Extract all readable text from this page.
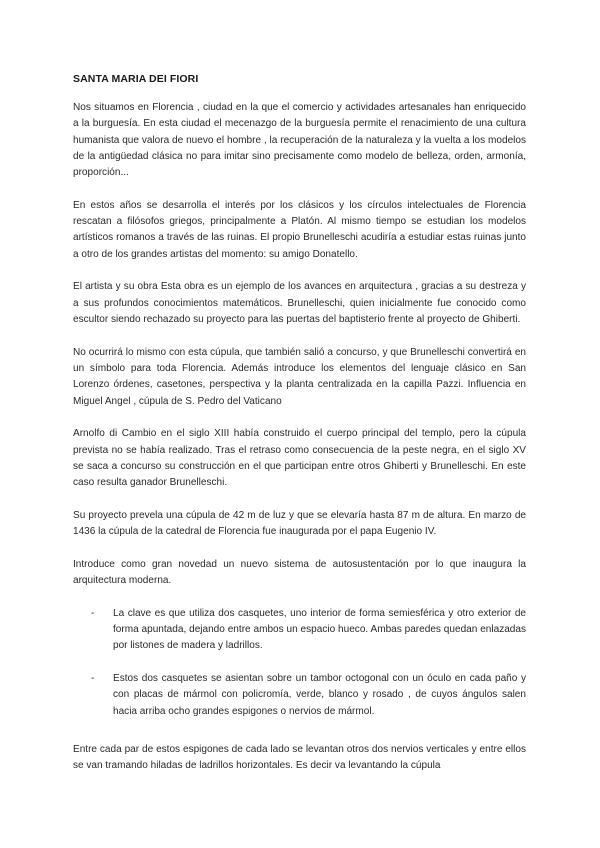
SANTA MARIA DEI FIORI

Nos situamos en Florencia , ciudad en la que el comercio y actividades artesanales han enriquecido a la burguesía. En esta ciudad el mecenazgo de la burguesía permite el renacimiento de una cultura humanista que valora de nuevo el hombre , la recuperación de la naturaleza y la vuelta a los modelos de la antigüedad clásica no para imitar sino precisamente como modelo de belleza, orden, armonía, proporción...

En estos años se desarrolla el interés por los clásicos y los círculos intelectuales de Florencia rescatan a filósofos griegos, principalmente a Platón. Al mismo tiempo se estudian los modelos artísticos romanos a través de las ruinas. El propio Brunelleschi acudiría a estudiar estas ruinas junto a otro de los grandes artistas del momento: su amigo Donatello.

El artista y su obra Esta obra es un ejemplo de los avances en arquitectura , gracias a su destreza y a sus profundos conocimientos matemáticos. Brunelleschi, quien inicialmente fue conocido como escultor siendo rechazado su proyecto para las puertas del baptisterio frente al proyecto de Ghiberti.

No ocurrirá lo mismo con esta cúpula, que también salió a concurso, y que Brunelleschi convertirá en un símbolo para toda Florencia. Además introduce los elementos del lenguaje clásico en San Lorenzo órdenes, casetones, perspectiva y la planta centralizada en la capilla Pazzi. Influencia en Miguel Angel , cúpula de S. Pedro del Vaticano

Arnolfo di Cambio en el siglo XIII había construido el cuerpo principal del templo, pero la cúpula prevista no se había realizado. Tras el retraso como consecuencia de la peste negra, en el siglo XV se saca a concurso su construcción en el que participan entre otros Ghiberti y Brunelleschi. En este caso resulta ganador Brunelleschi.

Su proyecto prevela una cúpula de 42 m de luz y que se elevaría hasta 87 m de altura. En marzo de 1436 la cúpula de la catedral de Florencia fue inaugurada por el papa Eugenio IV.

Introduce como gran novedad un nuevo sistema de autosustentación por lo que inaugura la arquitectura moderna.

- La clave es que utiliza dos casquetes, uno interior de forma semiesférica y otro exterior de forma apuntada, dejando entre ambos un espacio hueco. Ambas paredes quedan enlazadas por listones de madera y ladrillos.
- Estos dos casquetes se asientan sobre un tambor octogonal con un óculo en cada paño y con placas de mármol con policromía, verde, blanco y rosado , de cuyos ángulos salen hacia arriba ocho grandes espigones o nervios de mármol.

Entre cada par de estos espigones de cada lado se levantan otros dos nervios verticales y entre ellos se van tramando hiladas de ladrillos horizontales. Es decir va levantando la cúpula
